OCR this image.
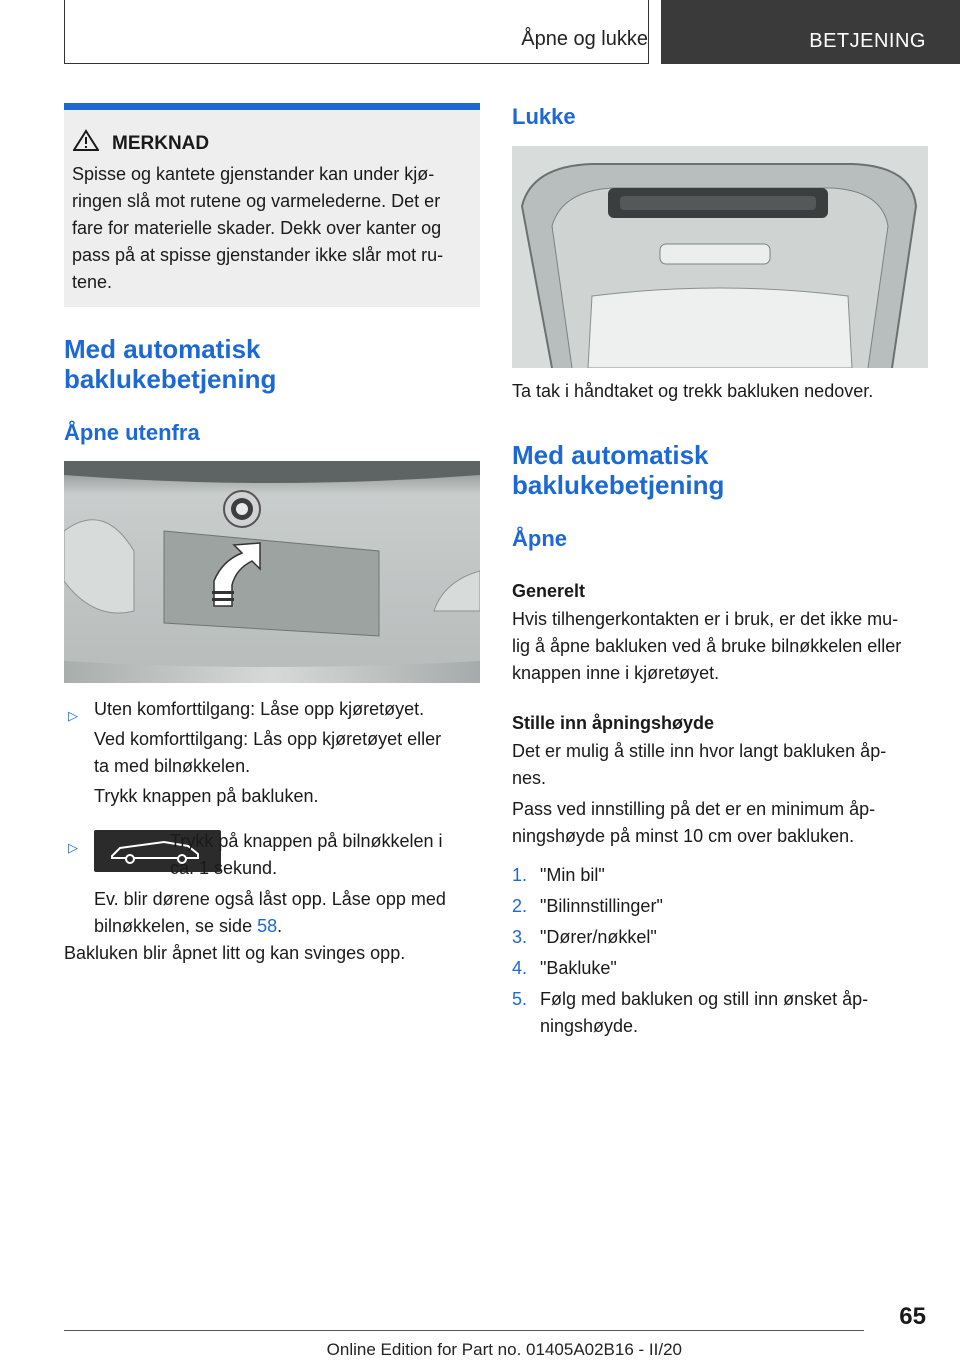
Åpne og lukke	BETJENING
MERKNAD
Spisse og kantete gjenstander kan under kjø-
ringen slå mot rutene og varmelederne. Det er
fare for materielle skader. Dekk over kanter og
pass på at spisse gjenstander ikke slår mot ru-
tene.
Med automatisk
baklukebetjening
Åpne utenfra
▷ Uten komforttilgang: Låse opp kjøretøyet.
Ved komforttilgang: Lås opp kjøretøyet eller
ta med bilnøkkelen.
Trykk knappen på bakluken.
▷	Trykk på knappen på bilnøkkelen i
ca. 1 sekund.
Ev. blir dørene også låst opp. Låse opp med
bilnøkkelen, se side 58.
Bakluken blir åpnet litt og kan svinges opp.
Lukke
Ta tak i håndtaket og trekk bakluken nedover.
Med automatisk
baklukebetjening
Åpne
Generelt
Hvis tilhengerkontakten er i bruk, er det ikke mu-
lig å åpne bakluken ved å bruke bilnøkkelen eller
knappen inne i kjøretøyet.
Stille inn åpningshøyde
Det er mulig å stille inn hvor langt bakluken åp-
nes.
Pass ved innstilling på det er en minimum åp-
ningshøyde på minst 10 cm over bakluken.
1. "Min bil"
2. "Bilinnstillinger"
3. "Dører/nøkkel"
4. "Bakluke"
5. Følg med bakluken og still inn ønsket åp-
ningshøyde.
65
Online Edition for Part no. 01405A02B16 - II/20
